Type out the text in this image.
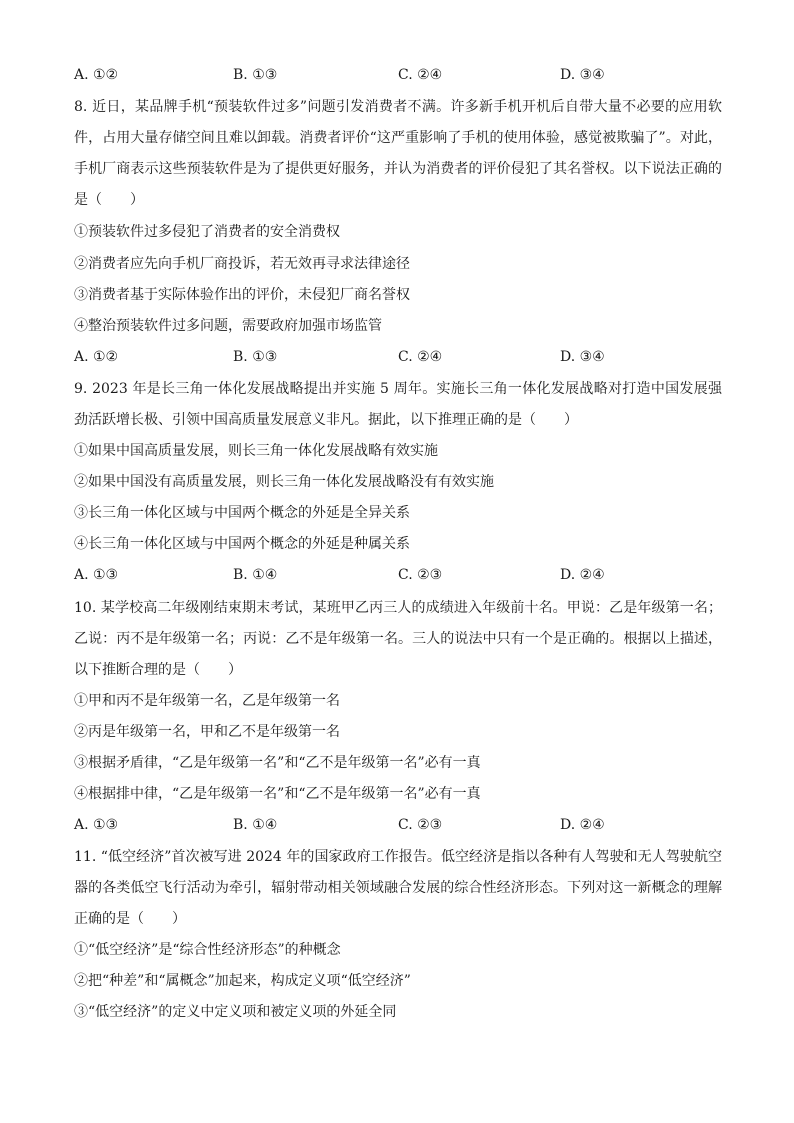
A. ①②	B. ①③	C. ②④	D. ③④
8. 近日，某品牌手机“预装软件过多”问题引发消费者不满。许多新手机开机后自带大量不必要的应用软件，占用大量存储空间且难以卸载。消费者评价“这严重影响了手机的使用体验，感觉被欺骗了”。对此，手机厂商表示这些预装软件是为了提供更好服务，并认为消费者的评价侵犯了其名誉权。以下说法正确的是（　　）
①预装软件过多侵犯了消费者的安全消费权
②消费者应先向手机厂商投诉，若无效再寻求法律途径
③消费者基于实际体验作出的评价，未侵犯厂商名誉权
④整治预装软件过多问题，需要政府加强市场监管
A. ①②	B. ①③	C. ②④	D. ③④
9. 2023 年是长三角一体化发展战略提出并实施 5 周年。实施长三角一体化发展战略对打造中国发展强劲活跃增长极、引领中国高质量发展意义非凡。据此，以下推理正确的是（　　）
①如果中国高质量发展，则长三角一体化发展战略有效实施
②如果中国没有高质量发展，则长三角一体化发展战略没有有效实施
③长三角一体化区域与中国两个概念的外延是全异关系
④长三角一体化区域与中国两个概念的外延是种属关系
A. ①③	B. ①④	C. ②③	D. ②④
10. 某学校高二年级刚结束期末考试，某班甲乙丙三人的成绩进入年级前十名。甲说：乙是年级第一名；乙说：丙不是年级第一名；丙说：乙不是年级第一名。三人的说法中只有一个是正确的。根据以上描述，以下推断合理的是（　　）
①甲和丙不是年级第一名，乙是年级第一名
②丙是年级第一名，甲和乙不是年级第一名
③根据矛盾律，“乙是年级第一名”和“乙不是年级第一名”必有一真
④根据排中律，“乙是年级第一名”和“乙不是年级第一名”必有一真
A. ①③	B. ①④	C. ②③	D. ②④
11. “低空经济”首次被写进 2024 年的国家政府工作报告。低空经济是指以各种有人驾驶和无人驾驶航空器的各类低空飞行活动为牵引，辐射带动相关领域融合发展的综合性经济形态。下列对这一新概念的理解正确的是（　　）
①“低空经济”是“综合性经济形态”的种概念
②把“种差”和“属概念”加起来，构成定义项“低空经济”
③“低空经济”的定义中定义项和被定义项的外延全同
